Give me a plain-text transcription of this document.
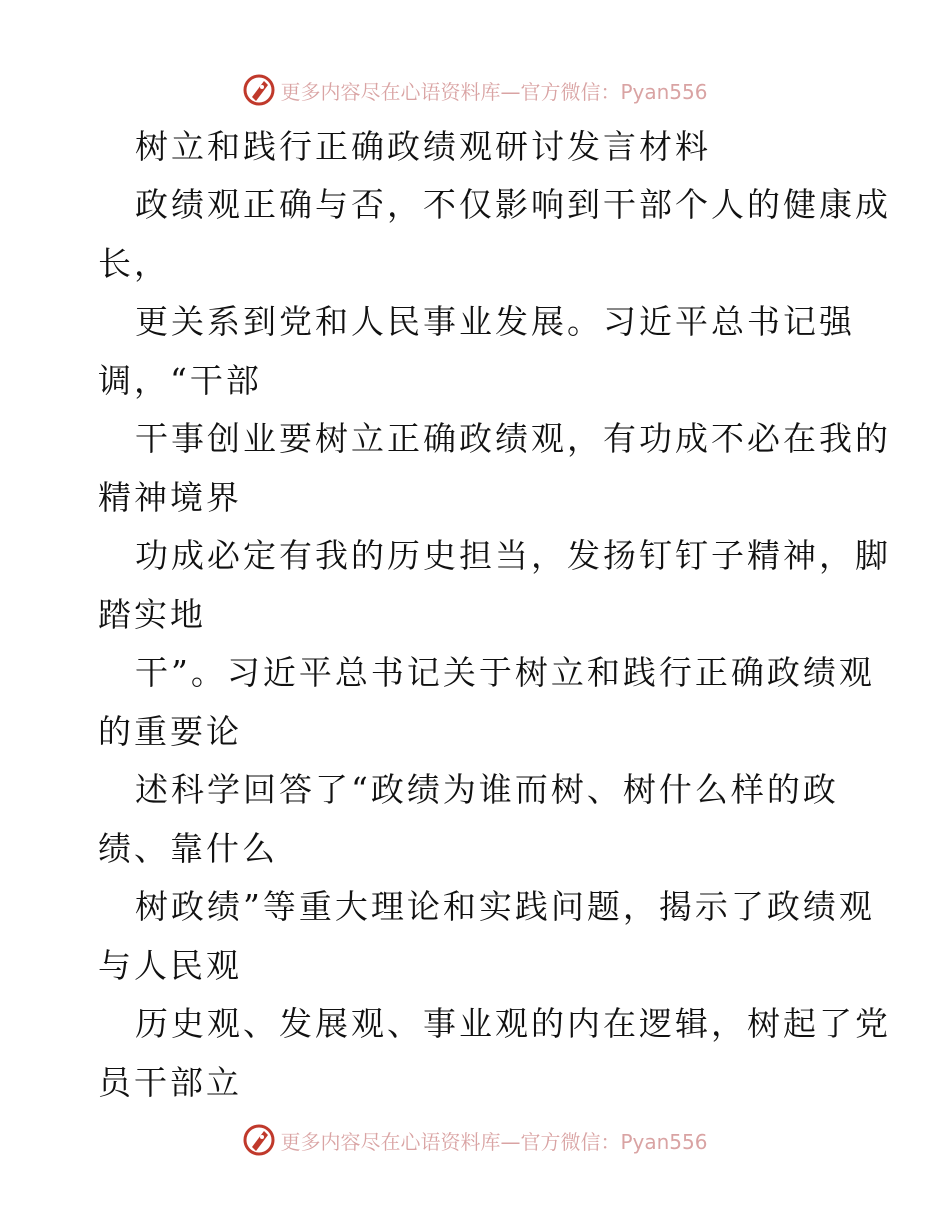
更多内容尽在心语资料库—官方微信：Pyan556
树立和践行正确政绩观研讨发言材料
政绩观正确与否，不仅影响到干部个人的健康成
长，
更关系到党和人民事业发展。习近平总书记强
调，“干部
干事创业要树立正确政绩观，有功成不必在我的
精神境界
功成必定有我的历史担当，发扬钉钉子精神，脚
踏实地
干”。习近平总书记关于树立和践行正确政绩观
的重要论
述科学回答了“政绩为谁而树、树什么样的政
绩、靠什么
树政绩”等重大理论和实践问题，揭示了政绩观
与人民观
历史观、发展观、事业观的内在逻辑，树起了党
员干部立
更多内容尽在心语资料库—官方微信：Pyan556
